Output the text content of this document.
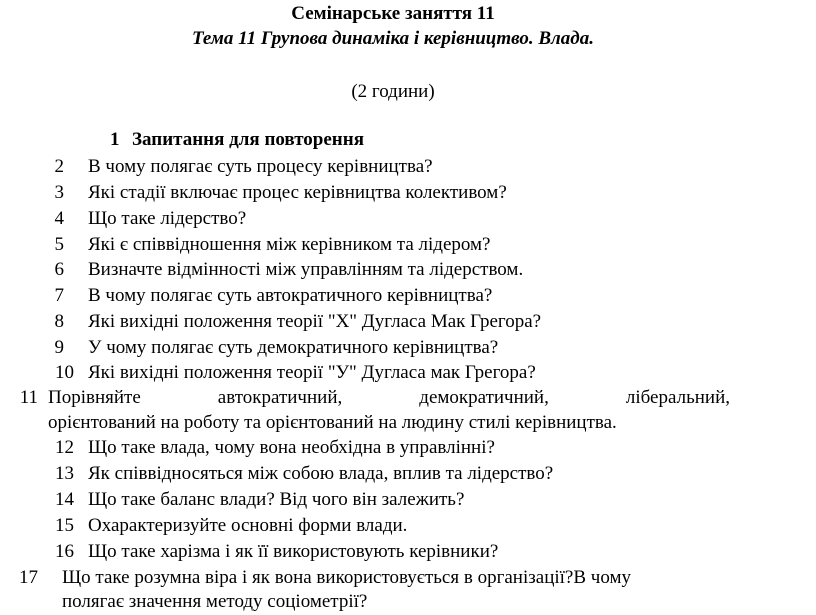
Семінарське заняття 11
Тема 11 Групова динаміка і керівництво. Влада.
(2 години)
1 Запитання для повторення
2 В чому полягає суть процесу керівництва?
3 Які стадії включає процес керівництва колективом?
4 Що таке лідерство?
5 Які є співвідношення між керівником та лідером?
6 Визначте відмінності між управлінням та лідерством.
7 В чому полягає суть автократичного керівництва?
8 Які вихідні положення теорії "Х" Дугласа Мак Грегора?
9 У чому полягає суть демократичного керівництва?
10 Які вихідні положення теорії "У" Дугласа мак Грегора?
11 Порівняйте автократичний, демократичний, ліберальний,
орієнтований на роботу та орієнтований на людину стилі керівництва.
12 Що таке влада, чому вона необхідна в управлінні?
13 Як співвідносяться між собою влада, вплив та лідерство?
14 Що таке баланс влади? Від чого він залежить?
15 Охарактеризуйте основні форми влади.
16 Що таке харізма і як її використовують керівники?
17 Що таке розумна віра і як вона використовується в організації?В чому
полягає значення методу соціометрії?
